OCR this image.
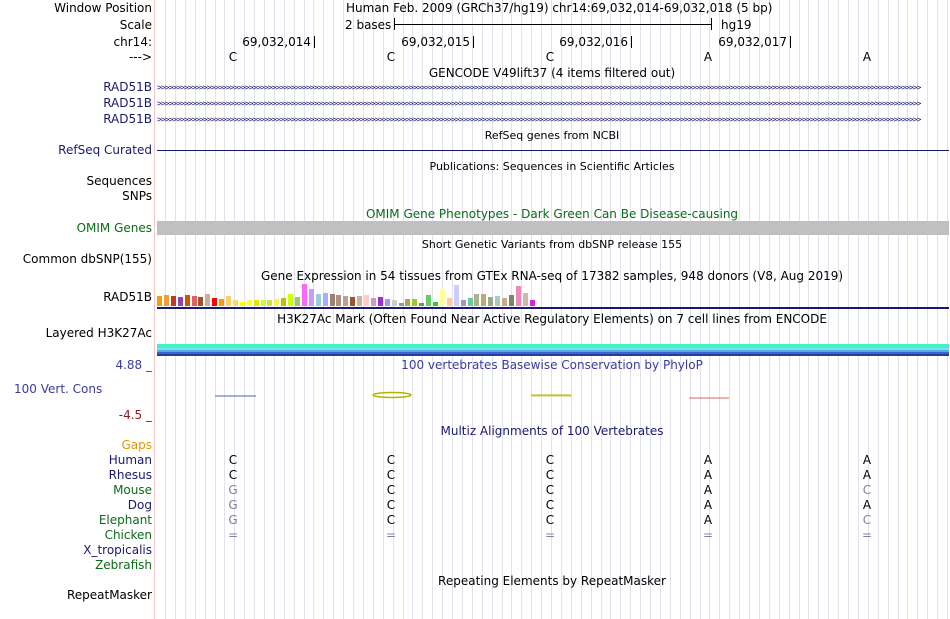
Window Position	Human Feb. 2009 (GRCh37/hg19) chr14:69,032,014-69,032,018 (5 bp)
Scale	2 bases	hg19
chr14:	69,032,014	69,032,015	69,032,016	69,032,017
--->	C	C	C	A	A
GENCODE V49lift37 (4 items filtered out)
RAD51B
RAD51B
RAD51B
>>>>>>>>>>>>>>>>>>>>>>>>>>>>>>>>>>>>>>>>>>>>>>>>>>>>>>>>>>>>>>>>>>>>>>>>>>>>>>>>>>>>>>>>>>>>>>>>>>>>>>>>>>>>>>>>>>>>>>>>>>>>>>>>>>>>>>>>>>>>>>>>>>>>>>>>>>>>>>>>>>>>>>>>>>>>>>>>>>>>>>>>>>>>>>>>>>>>>>>>
>>>>>>>>>>>>>>>>>>>>>>>>>>>>>>>>>>>>>>>>>>>>>>>>>>>>>>>>>>>>>>>>>>>>>>>>>>>>>>>>>>>>>>>>>>>>>>>>>>>>>>>>>>>>>>>>>>>>>>>>>>>>>>>>>>>>>>>>>>>>>>>>>>>>>>>>>>>>>>>>>>>>>>>>>>>>>>>>>>>>>>>>>>>>>>>>>>>>>>>>
>>>>>>>>>>>>>>>>>>>>>>>>>>>>>>>>>>>>>>>>>>>>>>>>>>>>>>>>>>>>>>>>>>>>>>>>>>>>>>>>>>>>>>>>>>>>>>>>>>>>>>>>>>>>>>>>>>>>>>>>>>>>>>>>>>>>>>>>>>>>>>>>>>>>>>>>>>>>>>>>>>>>>>>>>>>>>>>>>>>>>>>>>>>>>>>>>>>>>>>>
RefSeq genes from NCBI
RefSeq Curated
Publications: Sequences in Scientific Articles
Sequences
SNPs
OMIM Gene Phenotypes - Dark Green Can Be Disease-causing
OMIM Genes
Short Genetic Variants from dbSNP release 155
Common dbSNP(155)
Gene Expression in 54 tissues from GTEx RNA-seq of 17382 samples, 948 donors (V8, Aug 2019)
RAD51B
H3K27Ac Mark (Often Found Near Active Regulatory Elements) on 7 cell lines from ENCODE
Layered H3K27Ac
100 vertebrates Basewise Conservation by PhyloP
4.88 _
100 Vert. Cons
-4.5 _
Multiz Alignments of 100 Vertebrates
Gaps
Human	C	C	C	A	A
Rhesus	C	C	C	A	A
Mouse	G	C	C	A	C
Dog	G	C	C	A	A
Elephant	G	C	C	A	C
Chicken	=	=	=	=	=
X_tropicalis
Zebrafish
Repeating Elements by RepeatMasker
RepeatMasker
